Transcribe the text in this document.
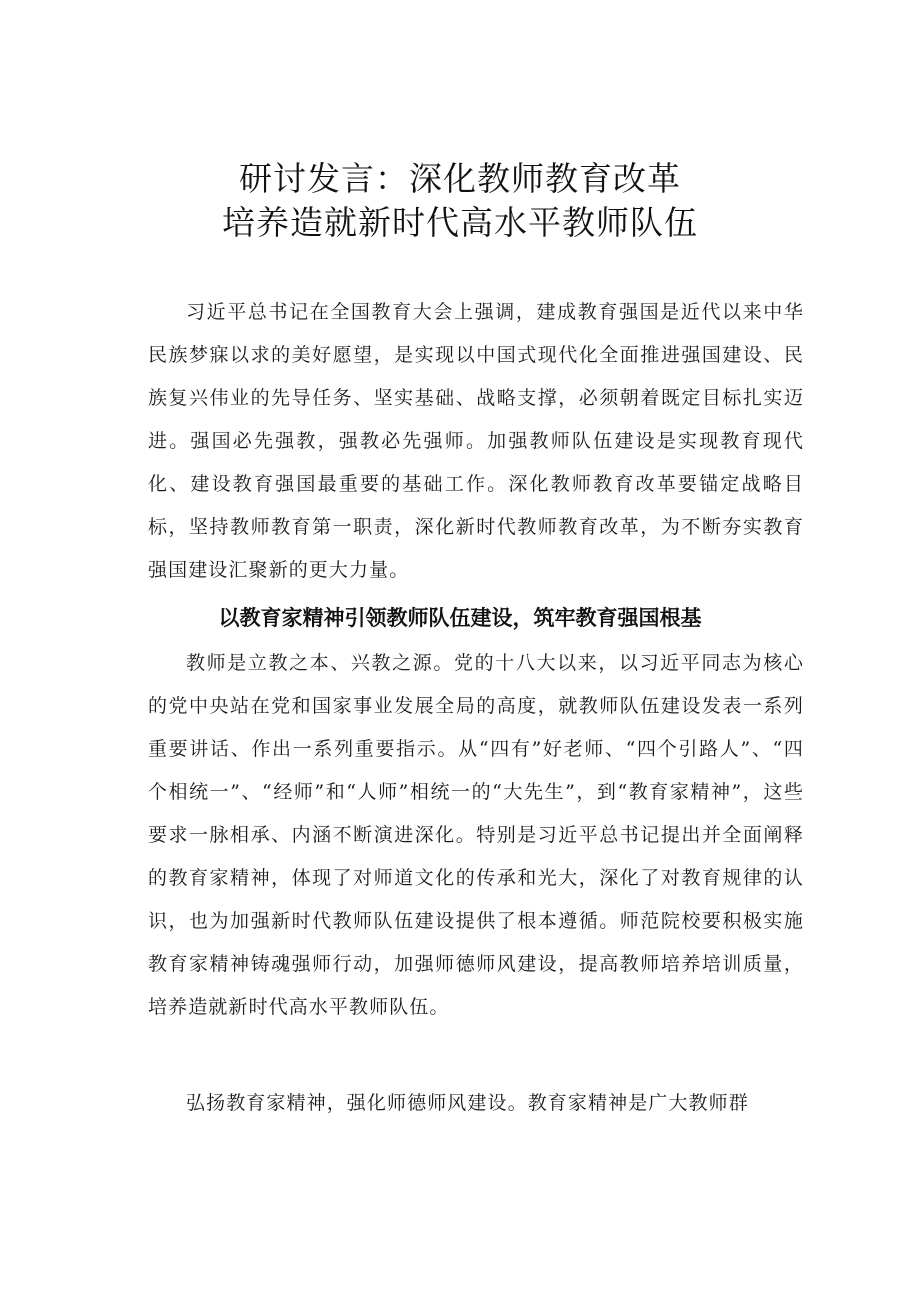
研讨发言：深化教师教育改革
培养造就新时代高水平教师队伍

习近平总书记在全国教育大会上强调，建成教育强国是近代以来中华民族梦寐以求的美好愿望，是实现以中国式现代化全面推进强国建设、民族复兴伟业的先导任务、坚实基础、战略支撑，必须朝着既定目标扎实迈进。强国必先强教，强教必先强师。加强教师队伍建设是实现教育现代化、建设教育强国最重要的基础工作。深化教师教育改革要锚定战略目标，坚持教师教育第一职责，深化新时代教师教育改革，为不断夯实教育强国建设汇聚新的更大力量。

以教育家精神引领教师队伍建设，筑牢教育强国根基

教师是立教之本、兴教之源。党的十八大以来，以习近平同志为核心的党中央站在党和国家事业发展全局的高度，就教师队伍建设发表一系列重要讲话、作出一系列重要指示。从“四有”好老师、“四个引路人”、“四个相统一”、“经师”和“人师”相统一的“大先生”，到“教育家精神”，这些要求一脉相承、内涵不断演进深化。特别是习近平总书记提出并全面阐释的教育家精神，体现了对师道文化的传承和光大，深化了对教育规律的认识，也为加强新时代教师队伍建设提供了根本遵循。师范院校要积极实施教育家精神铸魂强师行动，加强师德师风建设，提高教师培养培训质量，培养造就新时代高水平教师队伍。

弘扬教育家精神，强化师德师风建设。教育家精神是广大教师群
